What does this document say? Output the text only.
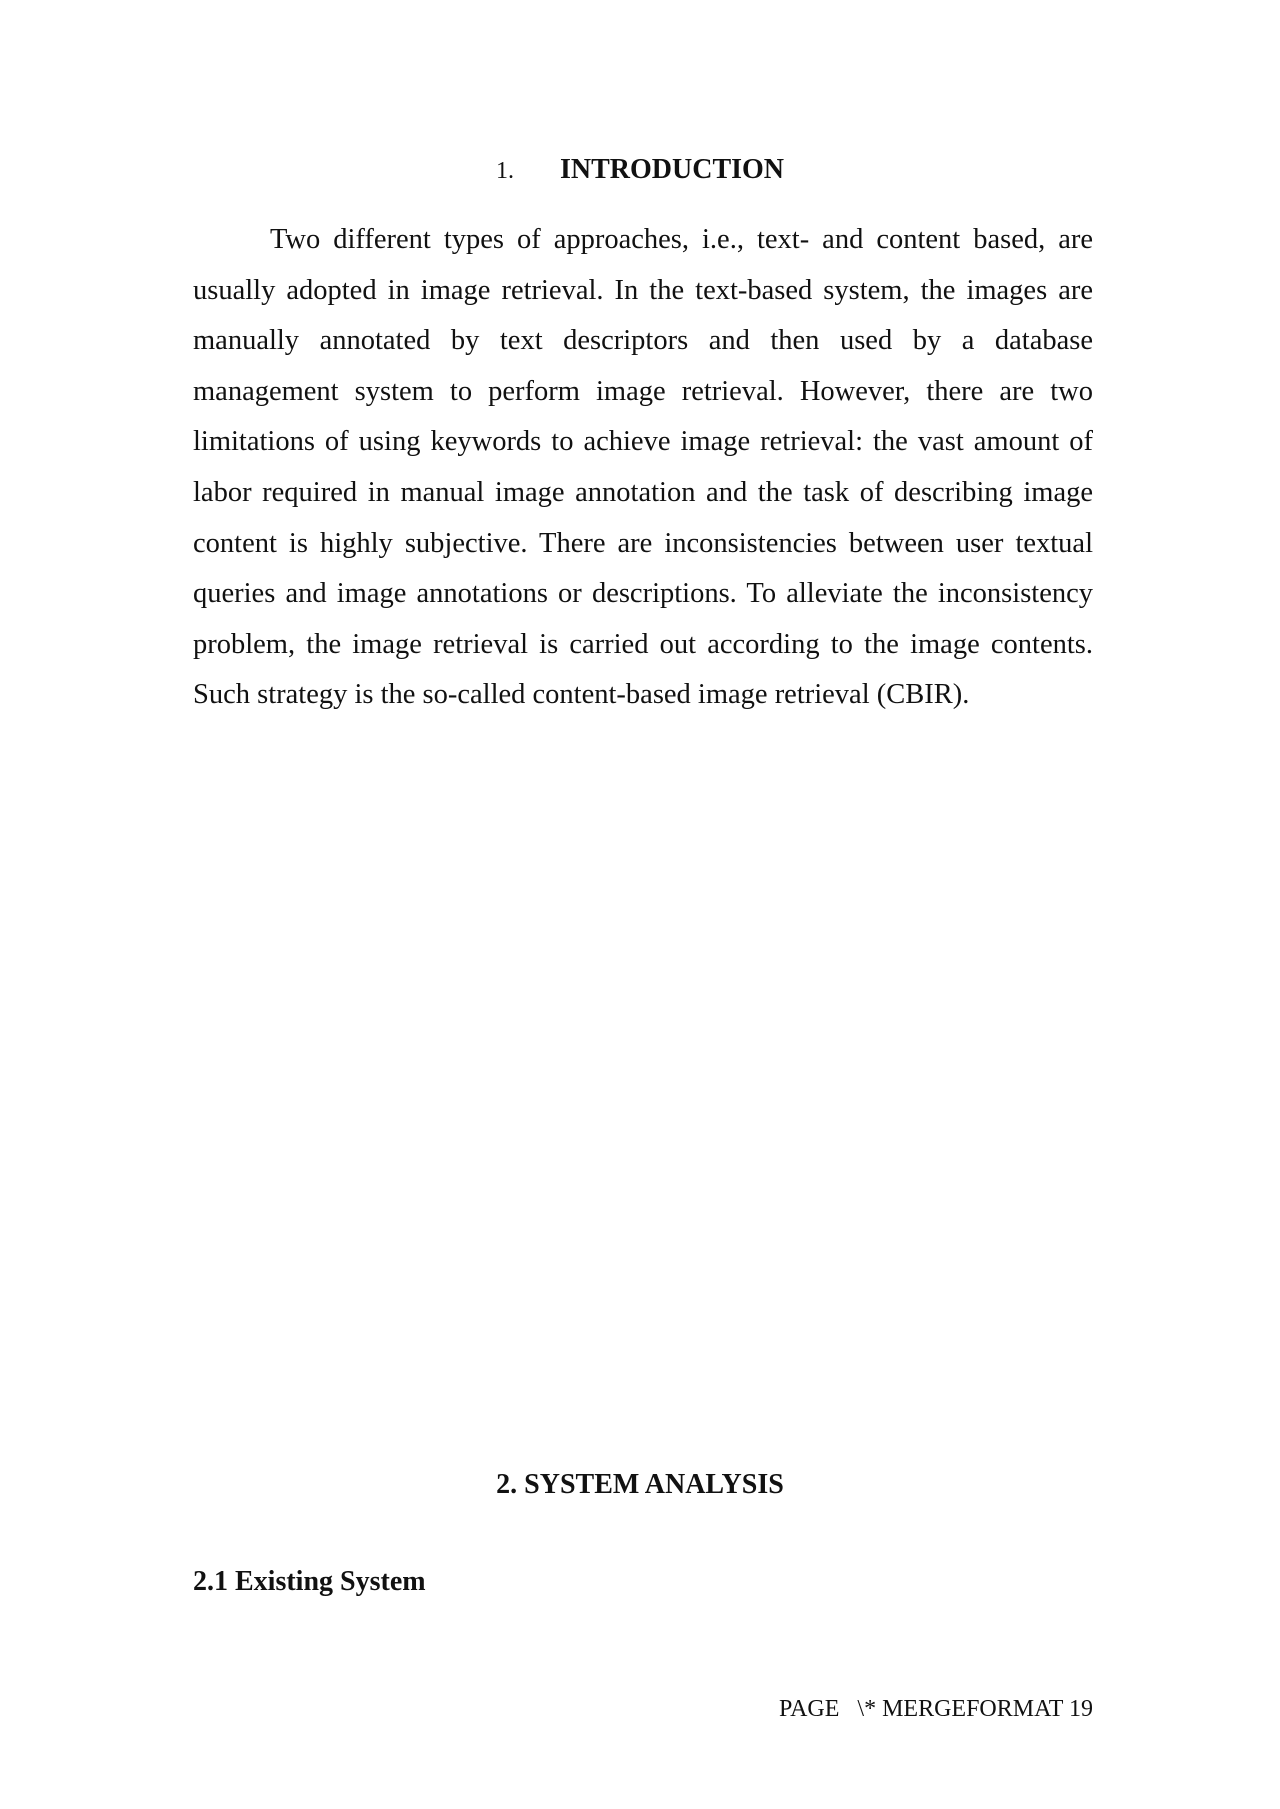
1. INTRODUCTION

Two different types of approaches, i.e., text- and content based, are usually adopted in image retrieval. In the text-based system, the images are manually annotated by text descriptors and then used by a database management system to perform image retrieval. However, there are two limitations of using keywords to achieve image retrieval: the vast amount of labor required in manual image annotation and the task of describing image content is highly subjective. There are inconsistencies between user textual queries and image annotations or descriptions. To alleviate the inconsistency problem, the image retrieval is carried out according to the image contents. Such strategy is the so-called content-based image retrieval (CBIR).

2. SYSTEM ANALYSIS
2.1 Existing System
PAGE   \* MERGEFORMAT 19
